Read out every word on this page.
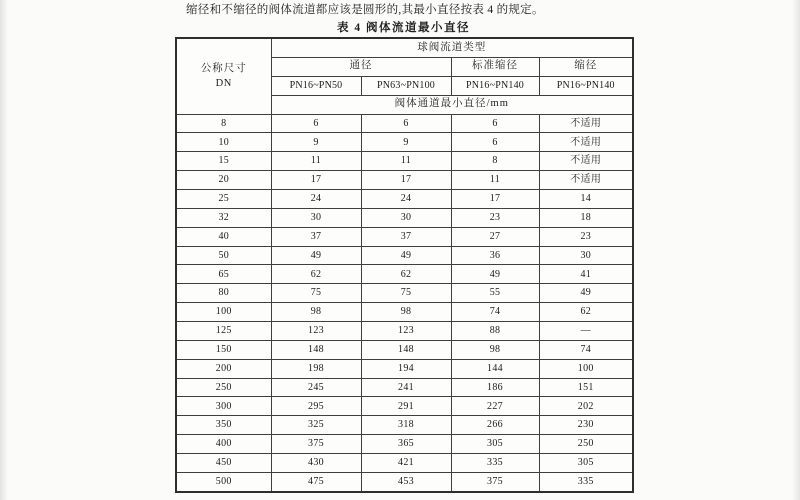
缩径和不缩径的阀体流道都应该是圆形的,其最小直径按表 4 的规定。
表 4 阀体流道最小直径
公称尺寸
DN	球阀流道类型			
	通径		标准缩径	缩径
	PN16~PN50	PN63~PN100	PN16~PN140	PN16~PN140
	阀体通道最小直径/mm			
8	6	6	6	不适用
10	9	9	6	不适用
15	11	11	8	不适用
20	17	17	11	不适用
25	24	24	17	14
32	30	30	23	18
40	37	37	27	23
50	49	49	36	30
65	62	62	49	41
80	75	75	55	49
100	98	98	74	62
125	123	123	88	—
150	148	148	98	74
200	198	194	144	100
250	245	241	186	151
300	295	291	227	202
350	325	318	266	230
400	375	365	305	250
450	430	421	335	305
500	475	453	375	335
